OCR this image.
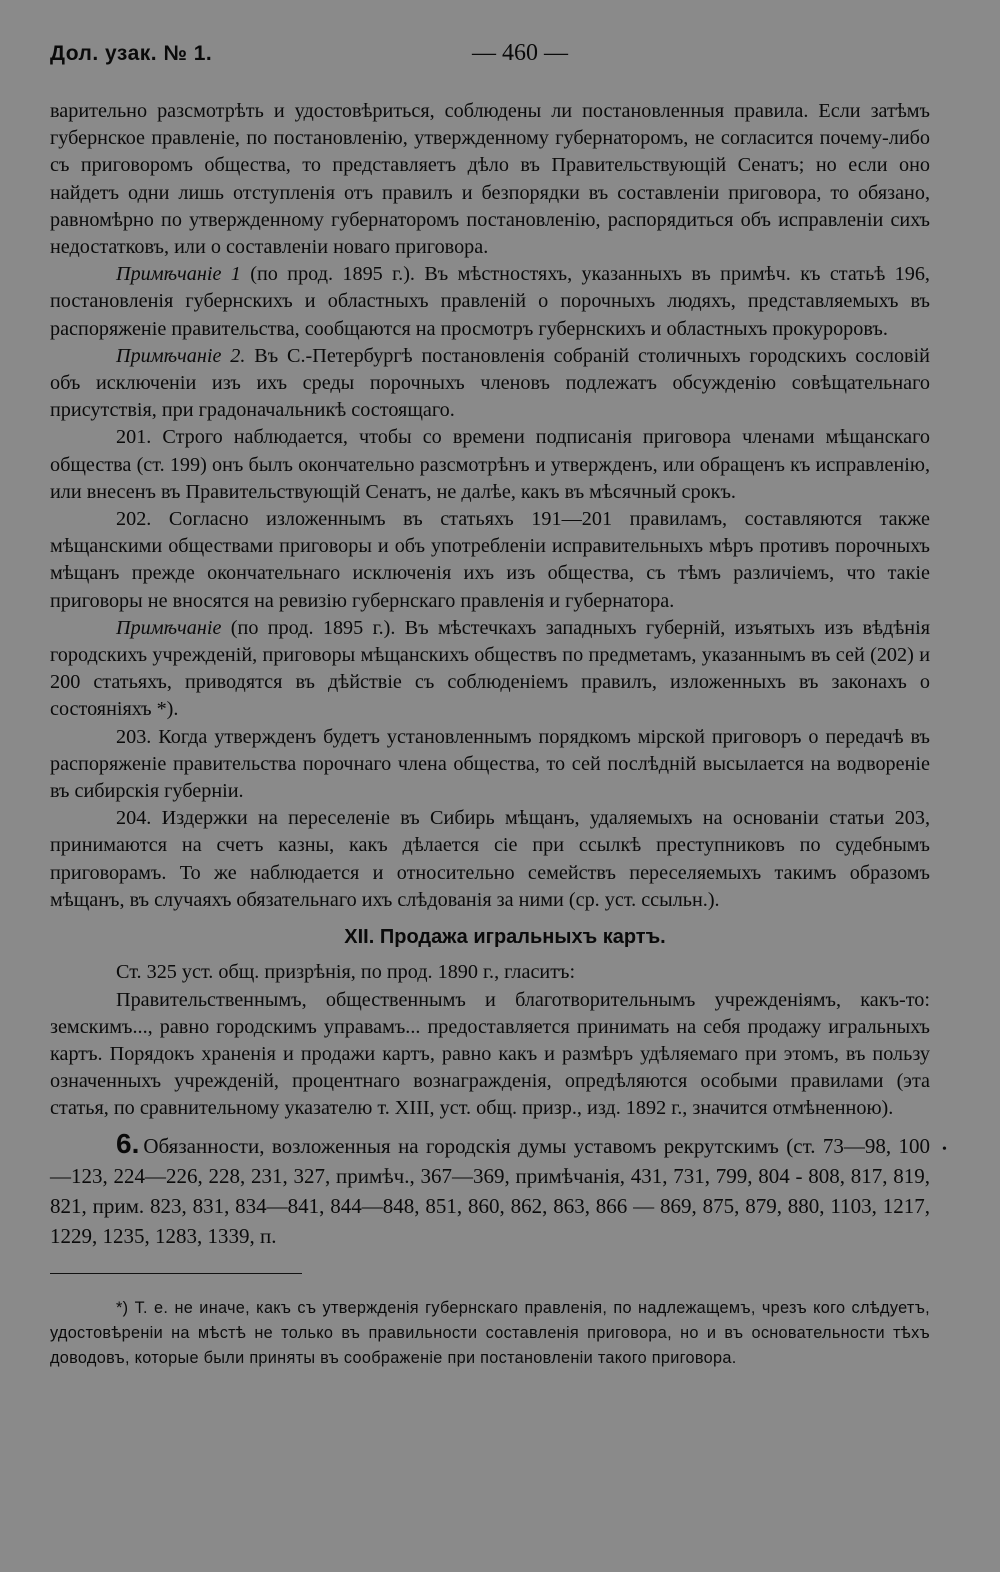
Дол. узак. № 1.	— 460 —

варительно разсмотрѣть и удостовѣриться, соблюдены ли постановленныя правила. Если затѣмъ губернское правленіе, по постановленію, утвержденному губернаторомъ, не согласится почему-либо съ приговоромъ общества, то представляетъ дѣло въ Правительствующій Сенатъ; но если оно найдетъ одни лишь отступленія отъ правилъ и безпорядки въ составленіи приговора, то обязано, равномѣрно по утвержденному губернаторомъ постановленію, распорядиться объ исправленіи сихъ недостатковъ, или о составленіи новаго приговора.

Примѣчаніе 1 (по прод. 1895 г.). Въ мѣстностяхъ, указанныхъ въ примѣч. къ статьѣ 196, постановленія губернскихъ и областныхъ правленій о порочныхъ людяхъ, представляемыхъ въ распоряженіе правительства, сообщаются на просмотръ губернскихъ и областныхъ прокуроровъ.

Примѣчаніе 2. Въ С.-Петербургѣ постановленія собраній столичныхъ городскихъ сословій объ исключеніи изъ ихъ среды порочныхъ членовъ подлежатъ обсужденію совѣщательнаго присутствія, при градоначальникѣ состоящаго.

201. Строго наблюдается, чтобы со времени подписанія приговора членами мѣщанскаго общества (ст. 199) онъ былъ окончательно разсмотрѣнъ и утвержденъ, или обращенъ къ исправленію, или внесенъ въ Правительствующій Сенатъ, не далѣе, какъ въ мѣсячный срокъ.

202. Согласно изложеннымъ въ статьяхъ 191—201 правиламъ, составляются также мѣщанскими обществами приговоры и объ употребленіи исправительныхъ мѣръ противъ порочныхъ мѣщанъ прежде окончательнаго исключенія ихъ изъ общества, съ тѣмъ различіемъ, что такіе приговоры не вносятся на ревизію губернскаго правленія и губернатора.

Примѣчаніе (по прод. 1895 г.). Въ мѣстечкахъ западныхъ губерній, изъятыхъ изъ вѣдѣнія городскихъ учрежденій, приговоры мѣщанскихъ обществъ по предметамъ, указаннымъ въ сей (202) и 200 статьяхъ, приводятся въ дѣйствіе съ соблюденіемъ правилъ, изложенныхъ въ законахъ о состояніяхъ *).

203. Когда утвержденъ будетъ установленнымъ порядкомъ мірской приговоръ о передачѣ въ распоряженіе правительства порочнаго члена общества, то сей послѣдній высылается на водвореніе въ сибирскія губерніи.

204. Издержки на переселеніе въ Сибирь мѣщанъ, удаляемыхъ на основаніи статьи 203, принимаются на счетъ казны, какъ дѣлается сіе при ссылкѣ преступниковъ по судебнымъ приговорамъ. То же наблюдается и относительно семействъ переселяемыхъ такимъ образомъ мѣщанъ, въ случаяхъ обязательнаго ихъ слѣдованія за ними (ср. уст. ссыльн.).

XII. Продажа игральныхъ картъ.

Ст. 325 уст. общ. призрѣнія, по прод. 1890 г., гласитъ:

Правительственнымъ, общественнымъ и благотворительнымъ учрежденіямъ, какъ-то: земскимъ..., равно городскимъ управамъ... предоставляется принимать на себя продажу игральныхъ картъ. Порядокъ храненія и продажи картъ, равно какъ и размѣръ удѣляемаго при этомъ, въ пользу означенныхъ учрежденій, процентнаго вознагражденія, опредѣляются особыми правилами (эта статья, по сравнительному указателю т. XIII, уст. общ. призр., изд. 1892 г., значится отмѣненною).

6. Обязанности, возложенныя на городскія думы уставомъ рекрутскимъ (ст. 73—98, 100—123, 224—226, 228, 231, 327, примѣч., 367—369, примѣчанія, 431, 731, 799, 804 - 808, 817, 819, 821, прим. 823, 831, 834—841, 844—848, 851, 860, 862, 863, 866 — 869, 875, 879, 880, 1103, 1217, 1229, 1235, 1283, 1339, п.
*) Т. е. не иначе, какъ съ утвержденія губернскаго правленія, по надлежащемъ, чрезъ кого слѣдуетъ, удостовѣреніи на мѣстѣ не только въ правильности составленія приговора, но и въ основательности тѣхъ доводовъ, которые были приняты въ соображеніе при постановленіи такого приговора.
•
